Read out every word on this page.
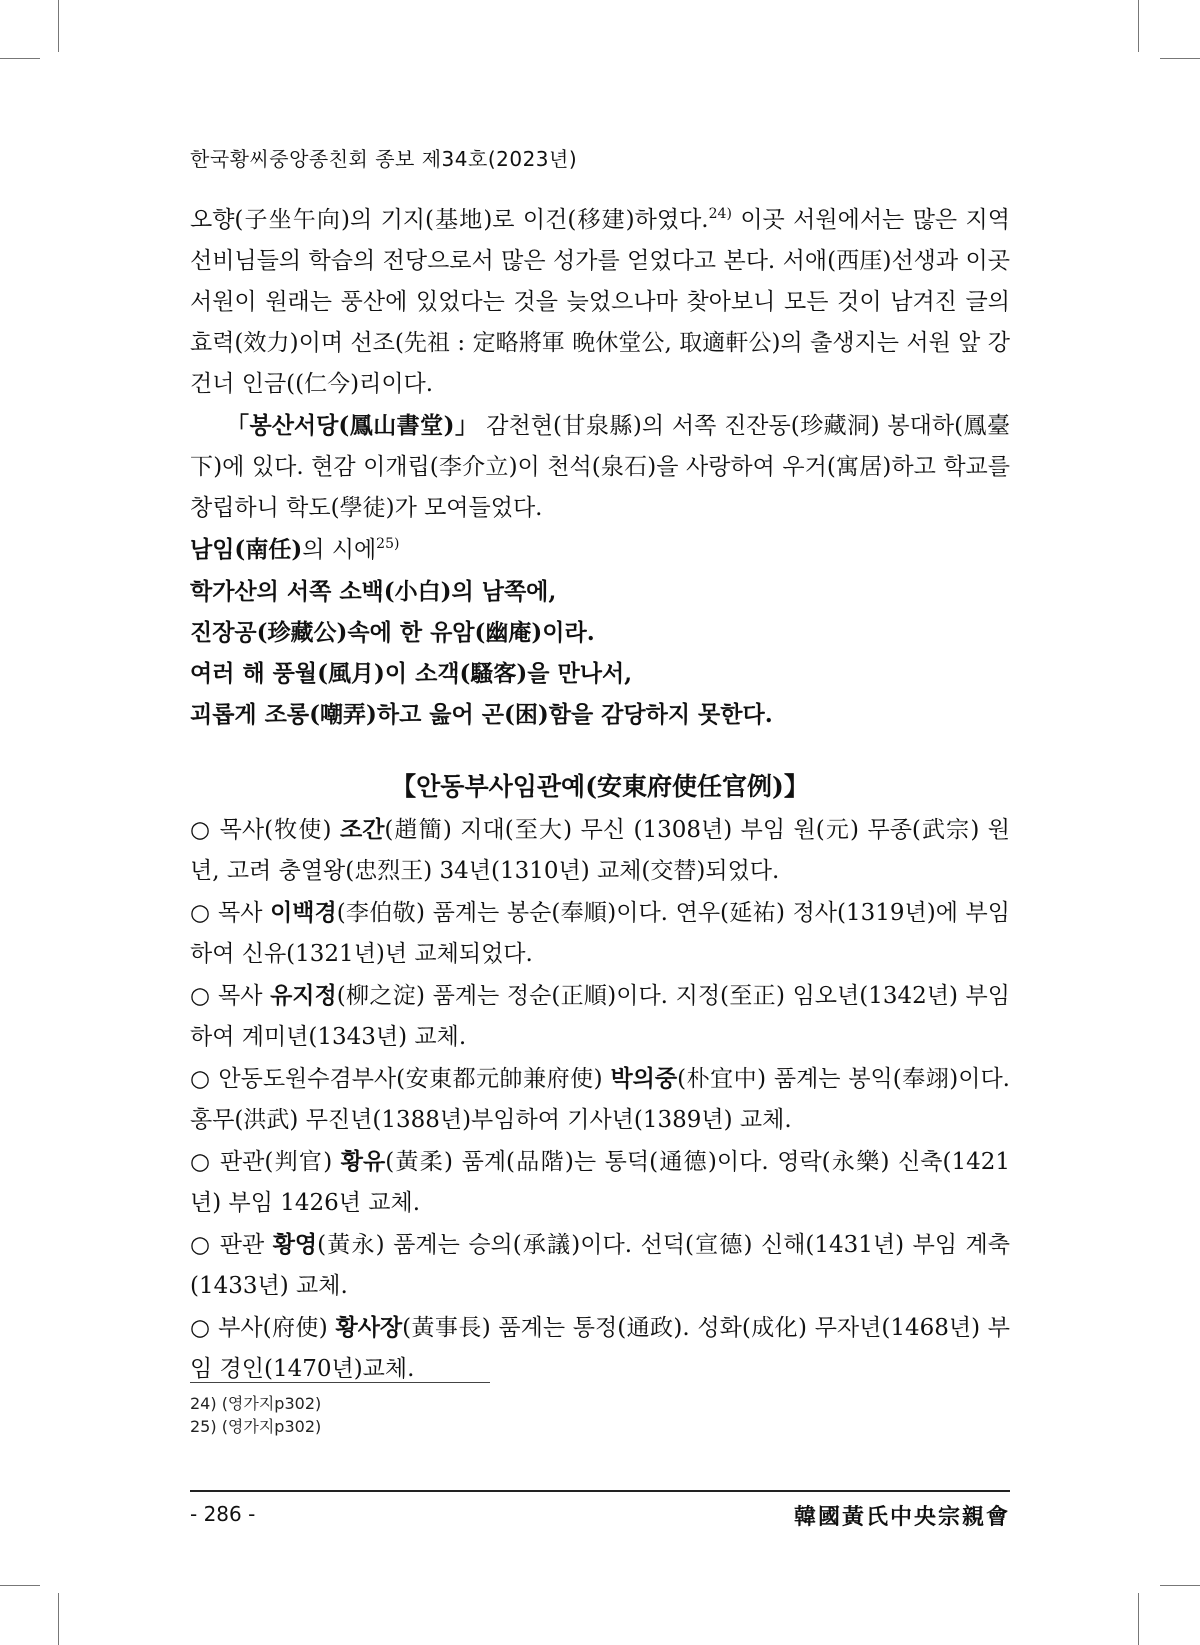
한국황씨중앙종친회 종보 제34호(2023년)

오향(子坐午向)의 기지(基地)로 이건(移建)하였다.$^{24)}$ 이곳 서원에서는 많은 지역 선비님들의 학습의 전당으로서 많은 성가를 얻었다고 본다. 서애(西厓)선생과 이곳 서원이 원래는 풍산에 있었다는 것을 늦었으나마 찾아보니 모든 것이 남겨진 글의 효력(效力)이며 선조(先祖 : 定略將軍 晩休堂公, 取適軒公)의 출생지는 서원 앞 강 건너 인금((仁今)리이다.

「봉산서당(鳳山書堂)」 감천현(甘泉縣)의 서쪽 진잔동(珍藏洞) 봉대하(鳳臺下)에 있다. 현감 이개립(李介立)이 천석(泉石)을 사랑하여 우거(寓居)하고 학교를 창립하니 학도(學徒)가 모여들었다.

남임(南任)의 시에$^{25)}$

학가산의 서쪽 소백(小白)의 남쪽에,

진장공(珍藏公)속에 한 유암(幽庵)이라.

여러 해 풍월(風月)이 소객(騷客)을 만나서,

괴롭게 조롱(嘲弄)하고 읊어 곤(困)함을 감당하지 못한다.

【안동부사임관예(安東府使任官例)】

○ 목사(牧使) 조간(趙簡) 지대(至大) 무신 (1308년) 부임 원(元) 무종(武宗) 원년, 고려 충열왕(忠烈王) 34년(1310년) 교체(交替)되었다.

○ 목사 이백경(李伯敬) 품계는 봉순(奉順)이다. 연우(延祐) 정사(1319년)에 부임하여 신유(1321년)년 교체되었다.

○ 목사 유지정(柳之淀) 품계는 정순(正順)이다. 지정(至正) 임오년(1342년) 부임하여 계미년(1343년) 교체.

○ 안동도원수겸부사(安東都元帥兼府使) 박의중(朴宜中) 품계는 봉익(奉翊)이다. 홍무(洪武) 무진년(1388년)부임하여 기사년(1389년) 교체.

○ 판관(判官) 황유(黃柔) 품계(品階)는 통덕(通德)이다. 영락(永樂) 신축(1421년) 부임 1426년 교체.

○ 판관 황영(黃永) 품계는 승의(承議)이다. 선덕(宣德) 신해(1431년) 부임 계축(1433년) 교체.

○ 부사(府使) 황사장(黃事長) 품계는 통정(通政). 성화(成化) 무자년(1468년) 부임 경인(1470년)교체.

24) (영가지p302)
25) (영가지p302)
- 286 -	韓國黃氏中央宗親會
